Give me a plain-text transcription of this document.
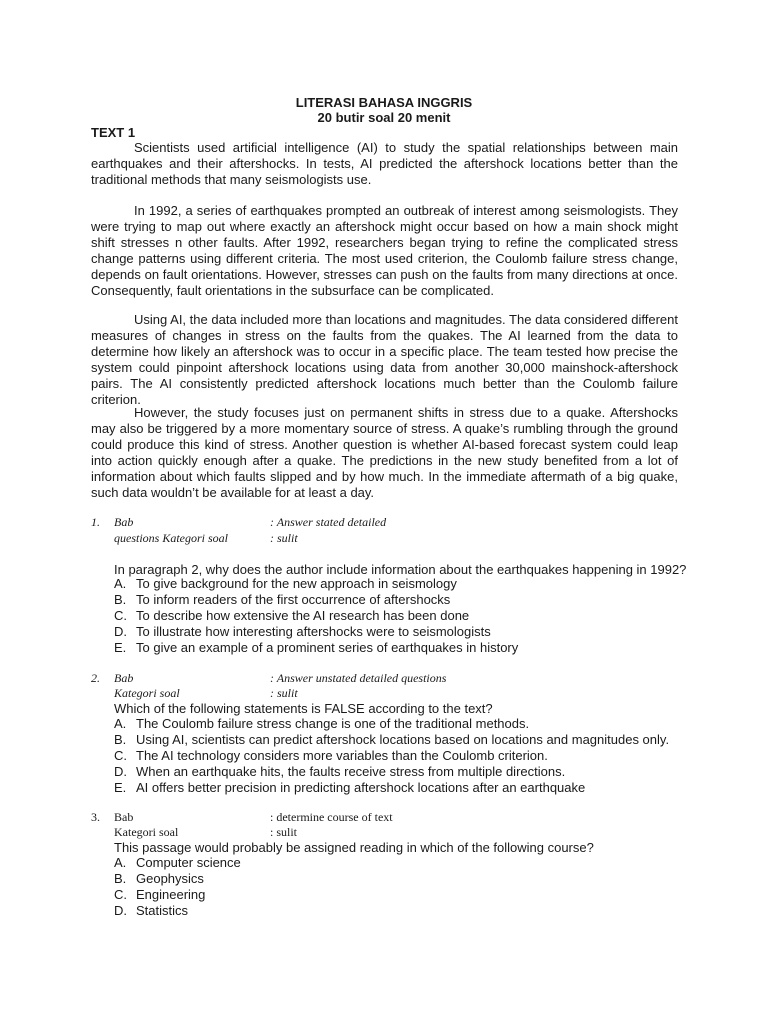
LITERASI BAHASA INGGRIS
20 butir soal 20 menit
TEXT 1

Scientists used artificial intelligence (AI) to study the spatial relationships between main earthquakes and their aftershocks. In tests, AI predicted the aftershock locations better than the traditional methods that many seismologists use.

In 1992, a series of earthquakes prompted an outbreak of interest among seismologists. They were trying to map out where exactly an aftershock might occur based on how a main shock might shift stresses n other faults. After 1992, researchers began trying to refine the complicated stress change patterns using different criteria. The most used criterion, the Coulomb failure stress change, depends on fault orientations. However, stresses can push on the faults from many directions at once. Consequently, fault orientations in the subsurface can be complicated.

Using AI, the data included more than locations and magnitudes. The data considered different measures of changes in stress on the faults from the quakes. The AI learned from the data to determine how likely an aftershock was to occur in a specific place. The team tested how precise the system could pinpoint aftershock locations using data from another 30,000 mainshock-aftershock pairs. The AI consistently predicted aftershock locations much better than the Coulomb failure criterion.

However, the study focuses just on permanent shifts in stress due to a quake. Aftershocks may also be triggered by a more momentary source of stress. A quake’s rumbling through the ground could produce this kind of stress. Another question is whether AI-based forecast system could leap into action quickly enough after a quake. The predictions in the new study benefited from a lot of information about which faults slipped and by how much. In the immediate aftermath of a big quake, such data wouldn’t be available for at least a day.

1. Bab	: Answer stated detailed
questions Kategori soal	: sulit
In paragraph 2, why does the author include information about the earthquakes happening in 1992?
A. To give background for the new approach in seismology
B. To inform readers of the first occurrence of aftershocks
C. To describe how extensive the AI research has been done
D. To illustrate how interesting aftershocks were to seismologists
E. To give an example of a prominent series of earthquakes in history
2. Bab	: Answer unstated detailed questions
Kategori soal	: sulit
Which of the following statements is FALSE according to the text?
A. The Coulomb failure stress change is one of the traditional methods.
B. Using AI, scientists can predict aftershock locations based on locations and magnitudes only.
C. The AI technology considers more variables than the Coulomb criterion.
D. When an earthquake hits, the faults receive stress from multiple directions.
E. AI offers better precision in predicting aftershock locations after an earthquake
3. Bab	: determine course of text
Kategori soal	: sulit
This passage would probably be assigned reading in which of the following course?
A. Computer science
B. Geophysics
C. Engineering
D. Statistics
